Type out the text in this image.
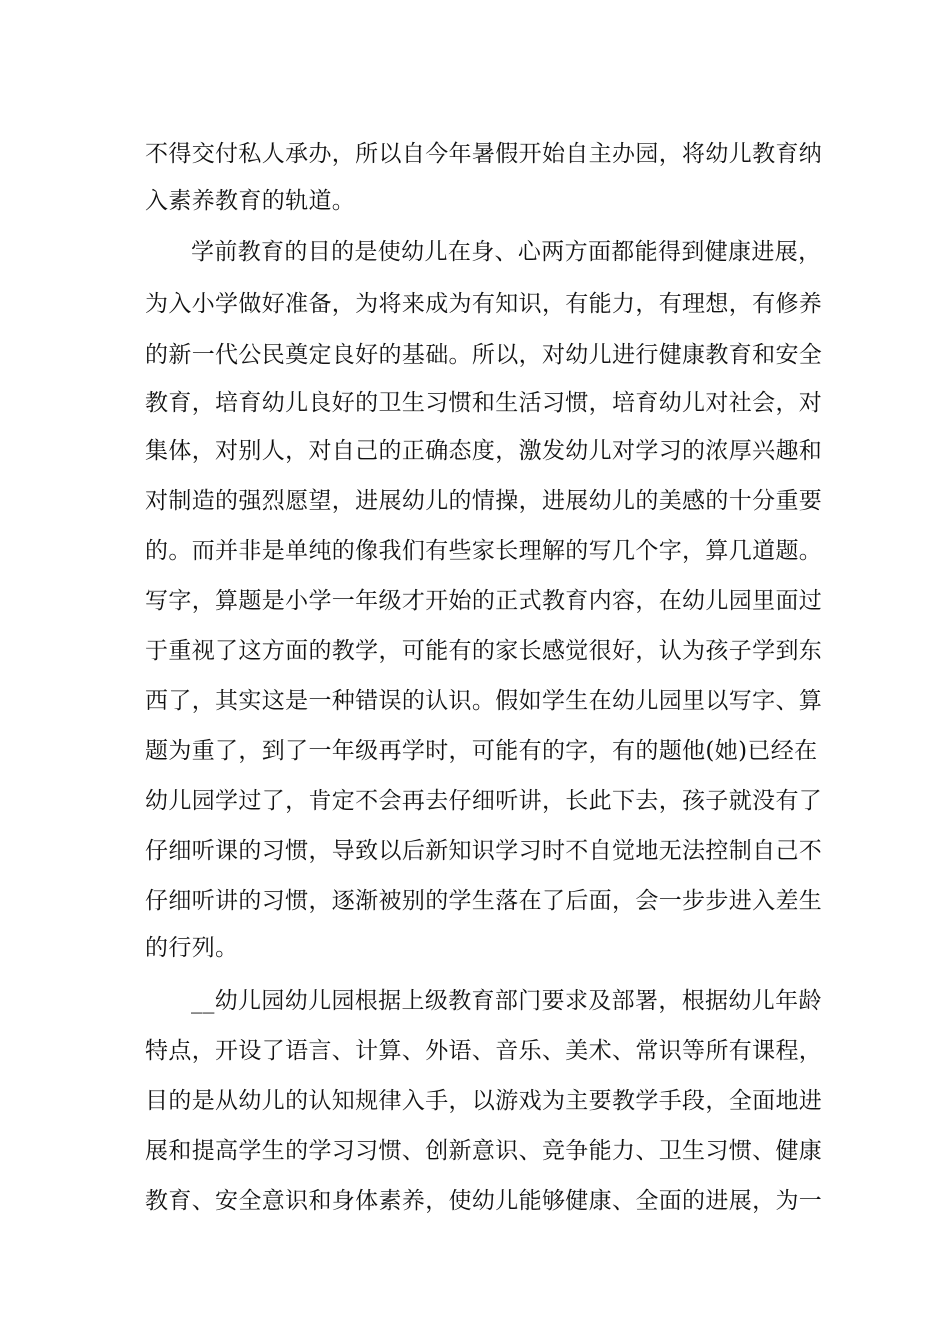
不得交付私人承办，所以自今年暑假开始自主办园，将幼儿教育纳
入素养教育的轨道。
学前教育的目的是使幼儿在身、心两方面都能得到健康进展，
为入小学做好准备，为将来成为有知识，有能力，有理想，有修养
的新一代公民奠定良好的基础。所以，对幼儿进行健康教育和安全
教育，培育幼儿良好的卫生习惯和生活习惯，培育幼儿对社会，对
集体，对别人，对自己的正确态度，激发幼儿对学习的浓厚兴趣和
对制造的强烈愿望，进展幼儿的情操，进展幼儿的美感的十分重要
的。而并非是单纯的像我们有些家长理解的写几个字，算几道题。
写字，算题是小学一年级才开始的正式教育内容，在幼儿园里面过
于重视了这方面的教学，可能有的家长感觉很好，认为孩子学到东
西了，其实这是一种错误的认识。假如学生在幼儿园里以写字、算
题为重了，到了一年级再学时，可能有的字，有的题他(她)已经在
幼儿园学过了，肯定不会再去仔细听讲，长此下去，孩子就没有了
仔细听课的习惯，导致以后新知识学习时不自觉地无法控制自己不
仔细听讲的习惯，逐渐被别的学生落在了后面，会一步步进入差生
的行列。
__幼儿园幼儿园根据上级教育部门要求及部署，根据幼儿年龄
特点，开设了语言、计算、外语、音乐、美术、常识等所有课程，
目的是从幼儿的认知规律入手，以游戏为主要教学手段，全面地进
展和提高学生的学习习惯、创新意识、竞争能力、卫生习惯、健康
教育、安全意识和身体素养，使幼儿能够健康、全面的进展，为一
